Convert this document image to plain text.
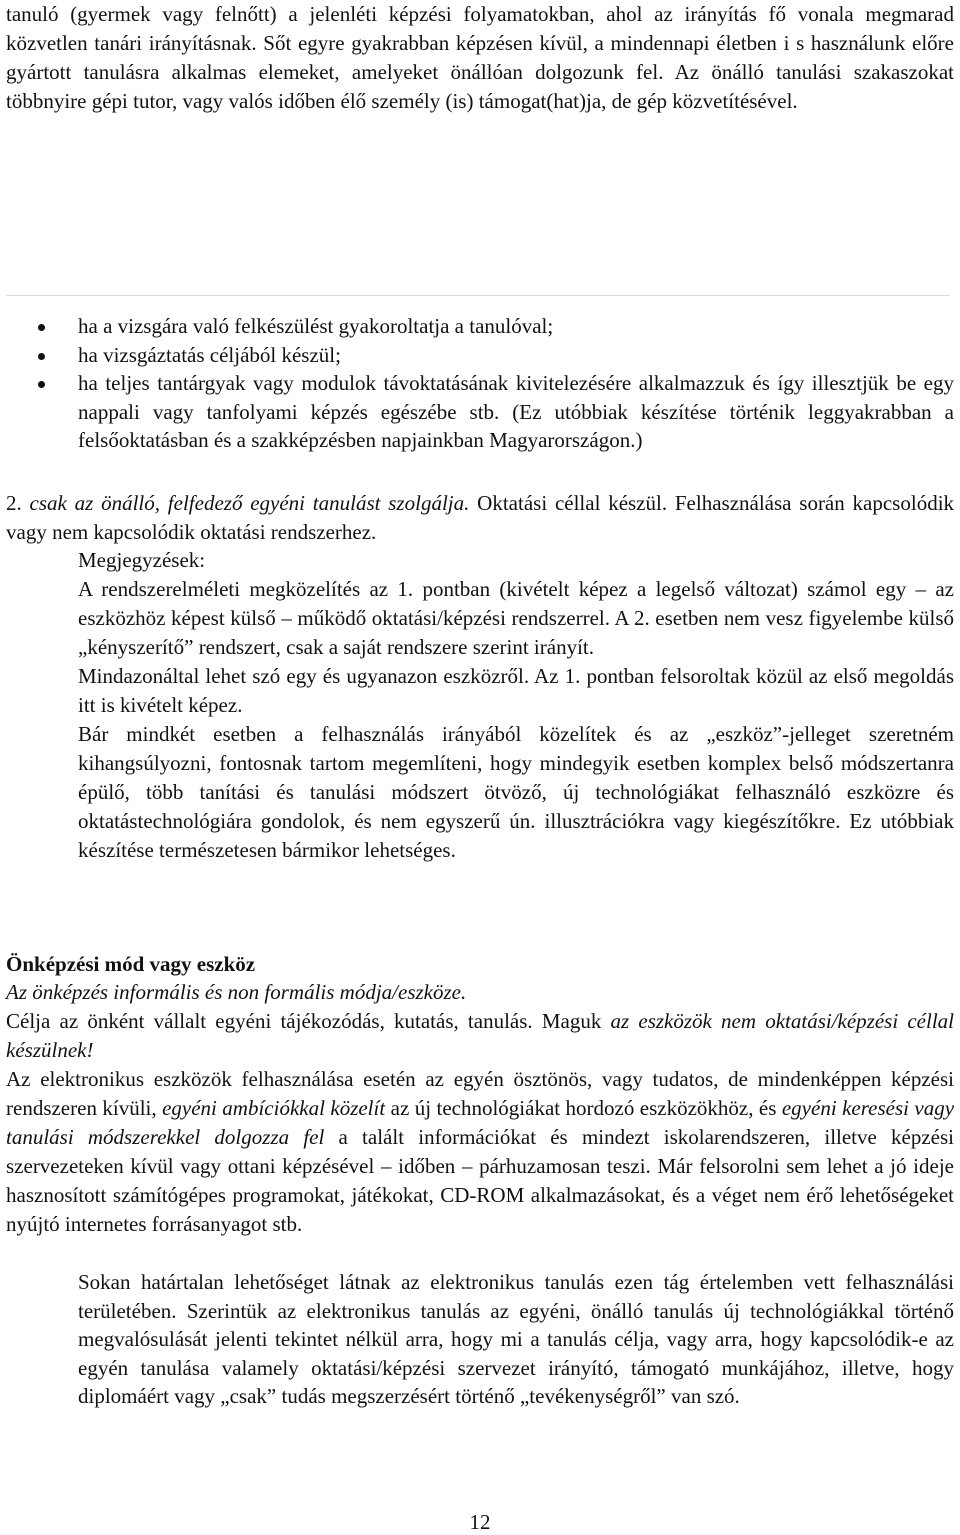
tanuló (gyermek vagy felnőtt) a jelenléti képzési folyamatokban, ahol az irányítás fő vonala megmarad közvetlen tanári irányításnak. Sőt egyre gyakrabban képzésen kívül, a mindennapi életben i s használunk előre gyártott tanulásra alkalmas elemeket, amelyeket önállóan dolgozunk fel. Az önálló tanulási szakaszokat többnyire gépi tutor, vagy valós időben élő személy (is) támogat(hat)ja, de gép közvetítésével.

ha a vizsgára való felkészülést gyakoroltatja a tanulóval;
ha vizsgáztatás céljából készül;
ha teljes tantárgyak vagy modulok távoktatásának kivitelezésére alkalmazzuk és így illesztjük be egy nappali vagy tanfolyami képzés egészébe stb. (Ez utóbbiak készítése történik leggyakrabban a felsőoktatásban és a szakképzésben napjainkban Magyarországon.)

2. csak az önálló, felfedező egyéni tanulást szolgálja. Oktatási céllal készül. Felhasználása során kapcsolódik vagy nem kapcsolódik oktatási rendszerhez.

Megjegyzések:

A rendszerelméleti megközelítés az 1. pontban (kivételt képez a legelső változat) számol egy – az eszközhöz képest külső – működő oktatási/képzési rendszerrel. A 2. esetben nem vesz figyelembe külső „kényszerítő” rendszert, csak a saját rendszere szerint irányít.

Mindazonáltal lehet szó egy és ugyanazon eszközről. Az 1. pontban felsoroltak közül az első megoldás itt is kivételt képez.

Bár mindkét esetben a felhasználás irányából közelítek és az „eszköz”-jelleget szeretném kihangsúlyozni, fontosnak tartom megemlíteni, hogy mindegyik esetben komplex belső módszertanra épülő, több tanítási és tanulási módszert ötvöző, új technológiákat felhasználó eszközre és oktatástechnológiára gondolok, és nem egyszerű ún. illusztrációkra vagy kiegészítőkre. Ez utóbbiak készítése természetesen bármikor lehetséges.

Önképzési mód vagy eszköz

Az önképzés informális és non formális módja/eszköze.

Célja az önként vállalt egyéni tájékozódás, kutatás, tanulás. Maguk az eszközök nem oktatási/képzési céllal készülnek!

Az elektronikus eszközök felhasználása esetén az egyén ösztönös, vagy tudatos, de mindenképpen képzési rendszeren kívüli, egyéni ambíciókkal közelít az új technológiákat hordozó eszközökhöz, és egyéni keresési vagy tanulási módszerekkel dolgozza fel a talált információkat és mindezt iskolarendszeren, illetve képzési szervezeteken kívül vagy ottani képzésével – időben – párhuzamosan teszi. Már felsorolni sem lehet a jó ideje hasznosított számítógépes programokat, játékokat, CD-ROM alkalmazásokat, és a véget nem érő lehetőségeket nyújtó internetes forrásanyagot stb.

Sokan határtalan lehetőséget látnak az elektronikus tanulás ezen tág értelemben vett felhasználási területében. Szerintük az elektronikus tanulás az egyéni, önálló tanulás új technológiákkal történő megvalósulását jelenti tekintet nélkül arra, hogy mi a tanulás célja, vagy arra, hogy kapcsolódik-e az egyén tanulása valamely oktatási/képzési szervezet irányító, támogató munkájához, illetve, hogy diplomáért vagy „csak” tudás megszerzésért történő „tevékenységről” van szó.

12
